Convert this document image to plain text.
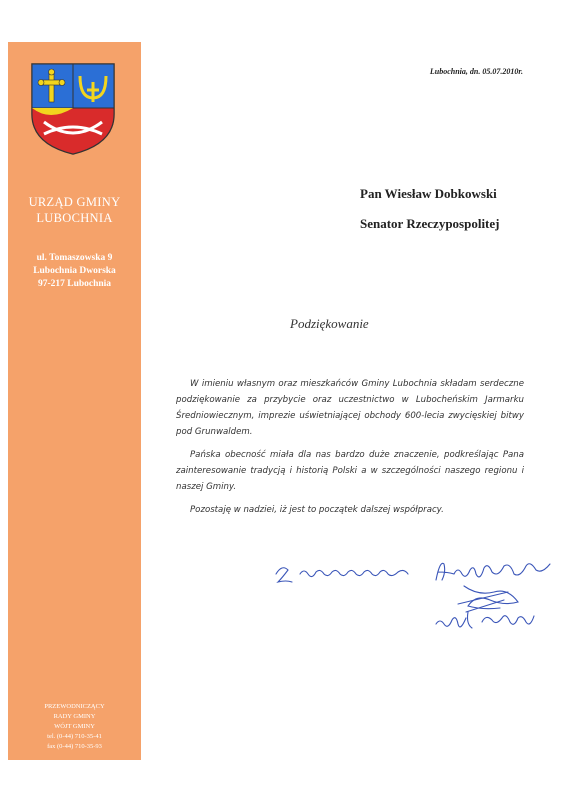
URZĄD GMINY
LUBOCHNIA
ul. Tomaszowska 9
Lubochnia Dworska
97-217 Lubochnia
PRZEWODNICZĄCY
RADY GMINY
WÓJT GMINY
tel. (0-44) 710-35-41
fax (0-44) 710-35-93
Lubochnia, dn. 05.07.2010r.
Pan Wiesław Dobkowski
Senator Rzeczypospolitej
Podziękowanie

W imieniu własnym oraz mieszkańców Gminy Lubochnia składam serdeczne podziękowanie za przybycie oraz uczestnictwo w Lubocheńskim Jarmarku Średniowiecznym, imprezie uświetniającej obchody 600-lecia zwycięskiej bitwy pod Grunwaldem.

Pańska obecność miała dla nas bardzo duże znaczenie, podkreślając Pana zainteresowanie tradycją i historią Polski a w szczególności naszego regionu i naszej Gminy.

Pozostaję w nadziei, iż jest to początek dalszej współpracy.
